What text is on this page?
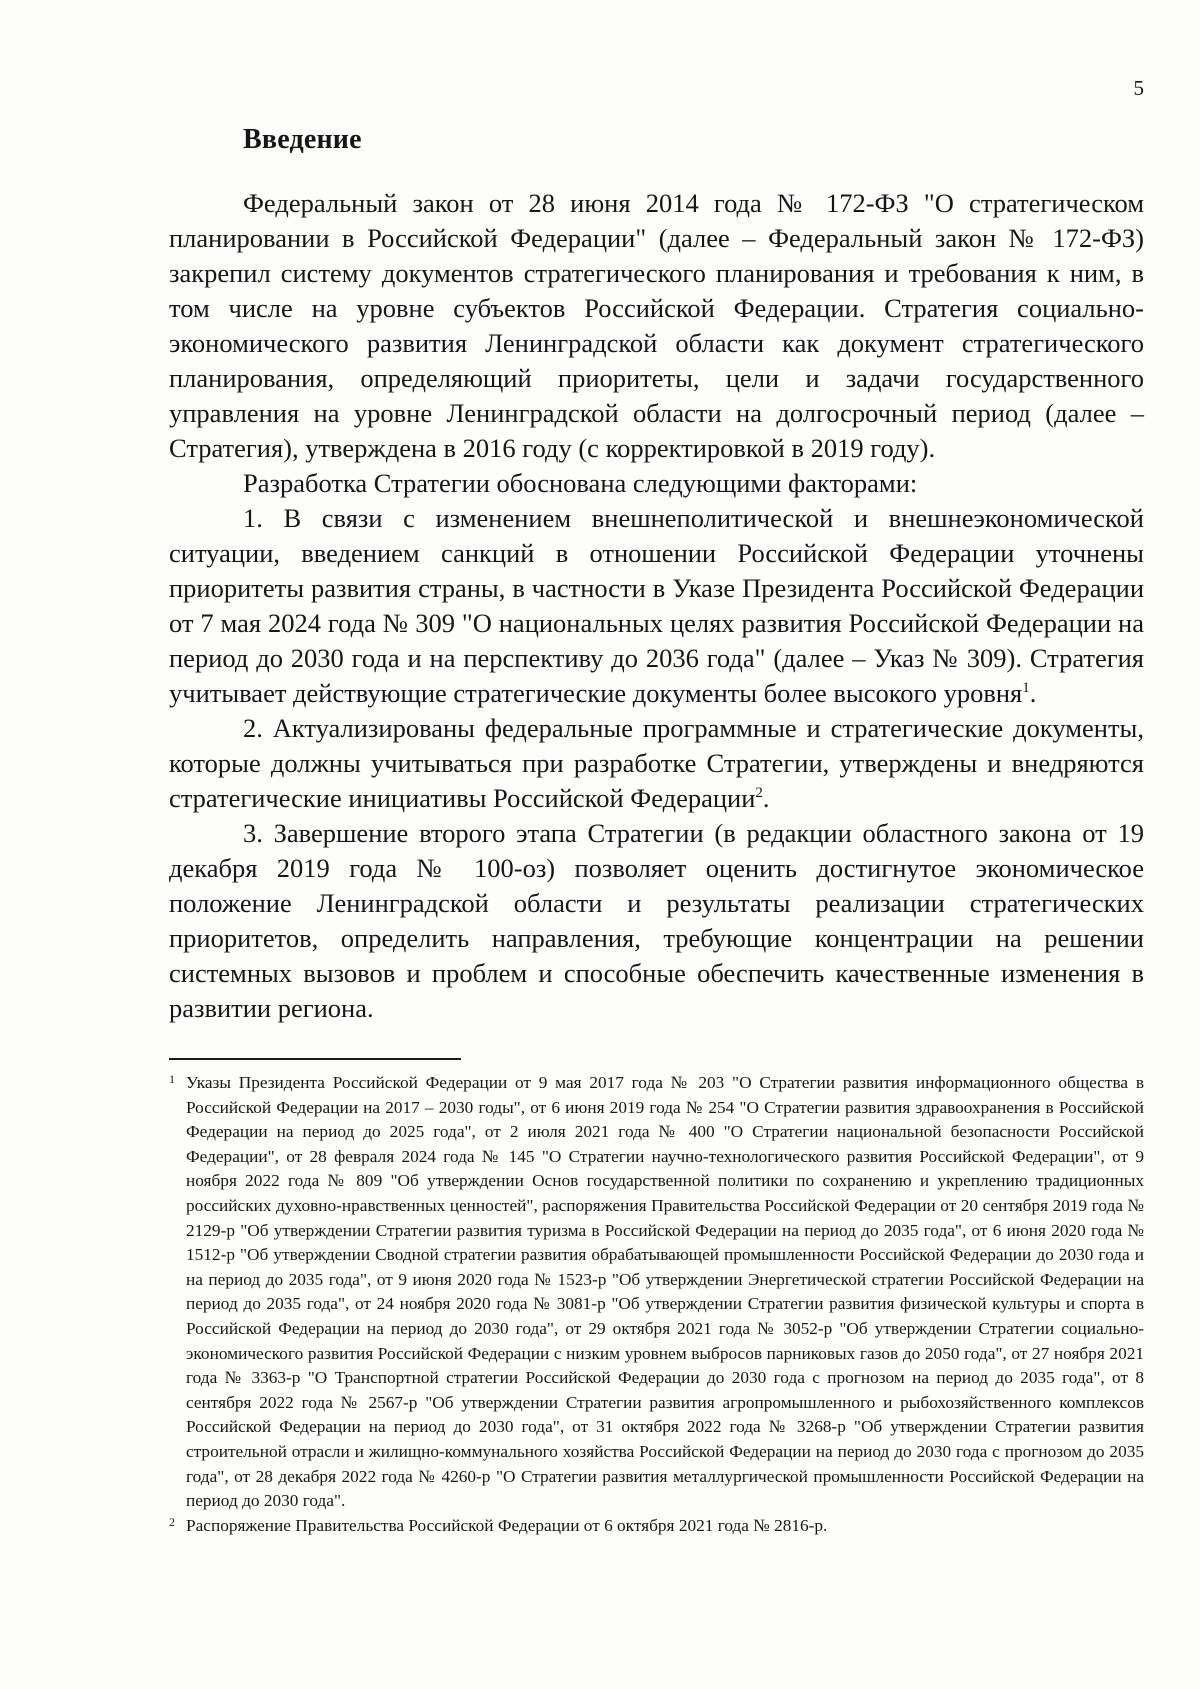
5
Введение

Федеральный закон от 28 июня 2014 года № 172-ФЗ "О стратегическом планировании в Российской Федерации" (далее – Федеральный закон № 172-ФЗ) закрепил систему документов стратегического планирования и требования к ним, в том числе на уровне субъектов Российской Федерации. Стратегия социально-экономического развития Ленинградской области как документ стратегического планирования, определяющий приоритеты, цели и задачи государственного управления на уровне Ленинградской области на долгосрочный период (далее – Стратегия), утверждена в 2016 году (с корректировкой в 2019 году).

Разработка Стратегии обоснована следующими факторами:

1. В связи с изменением внешнеполитической и внешнеэкономической ситуации, введением санкций в отношении Российской Федерации уточнены приоритеты развития страны, в частности в Указе Президента Российской Федерации от 7 мая 2024 года № 309 "О национальных целях развития Российской Федерации на период до 2030 года и на перспективу до 2036 года" (далее – Указ № 309). Стратегия учитывает действующие стратегические документы более высокого уровня$^1$.

2. Актуализированы федеральные программные и стратегические документы, которые должны учитываться при разработке Стратегии, утверждены и внедряются стратегические инициативы Российской Федерации$^2$.

3. Завершение второго этапа Стратегии (в редакции областного закона от 19 декабря 2019 года № 100-оз) позволяет оценить достигнутое экономическое положение Ленинградской области и результаты реализации стратегических приоритетов, определить направления, требующие концентрации на решении системных вызовов и проблем и способные обеспечить качественные изменения в развитии региона.

1 Указы Президента Российской Федерации от 9 мая 2017 года № 203 "О Стратегии развития информационного общества в Российской Федерации на 2017 – 2030 годы", от 6 июня 2019 года № 254 "О Стратегии развития здравоохранения в Российской Федерации на период до 2025 года", от 2 июля 2021 года № 400 "О Стратегии национальной безопасности Российской Федерации", от 28 февраля 2024 года № 145 "О Стратегии научно-технологического развития Российской Федерации", от 9 ноября 2022 года № 809 "Об утверждении Основ государственной политики по сохранению и укреплению традиционных российских духовно-нравственных ценностей", распоряжения Правительства Российской Федерации от 20 сентября 2019 года № 2129-р "Об утверждении Стратегии развития туризма в Российской Федерации на период до 2035 года", от 6 июня 2020 года № 1512-р "Об утверждении Сводной стратегии развития обрабатывающей промышленности Российской Федерации до 2030 года и на период до 2035 года", от 9 июня 2020 года № 1523-р "Об утверждении Энергетической стратегии Российской Федерации на период до 2035 года", от 24 ноября 2020 года № 3081-р "Об утверждении Стратегии развития физической культуры и спорта в Российской Федерации на период до 2030 года", от 29 октября 2021 года № 3052-р "Об утверждении Стратегии социально-экономического развития Российской Федерации с низким уровнем выбросов парниковых газов до 2050 года", от 27 ноября 2021 года № 3363-р "О Транспортной стратегии Российской Федерации до 2030 года с прогнозом на период до 2035 года", от 8 сентября 2022 года № 2567-р "Об утверждении Стратегии развития агропромышленного и рыбохозяйственного комплексов Российской Федерации на период до 2030 года", от 31 октября 2022 года № 3268-р "Об утверждении Стратегии развития строительной отрасли и жилищно-коммунального хозяйства Российской Федерации на период до 2030 года с прогнозом до 2035 года", от 28 декабря 2022 года № 4260-р "О Стратегии развития металлургической промышленности Российской Федерации на период до 2030 года".

2 Распоряжение Правительства Российской Федерации от 6 октября 2021 года № 2816-р.
